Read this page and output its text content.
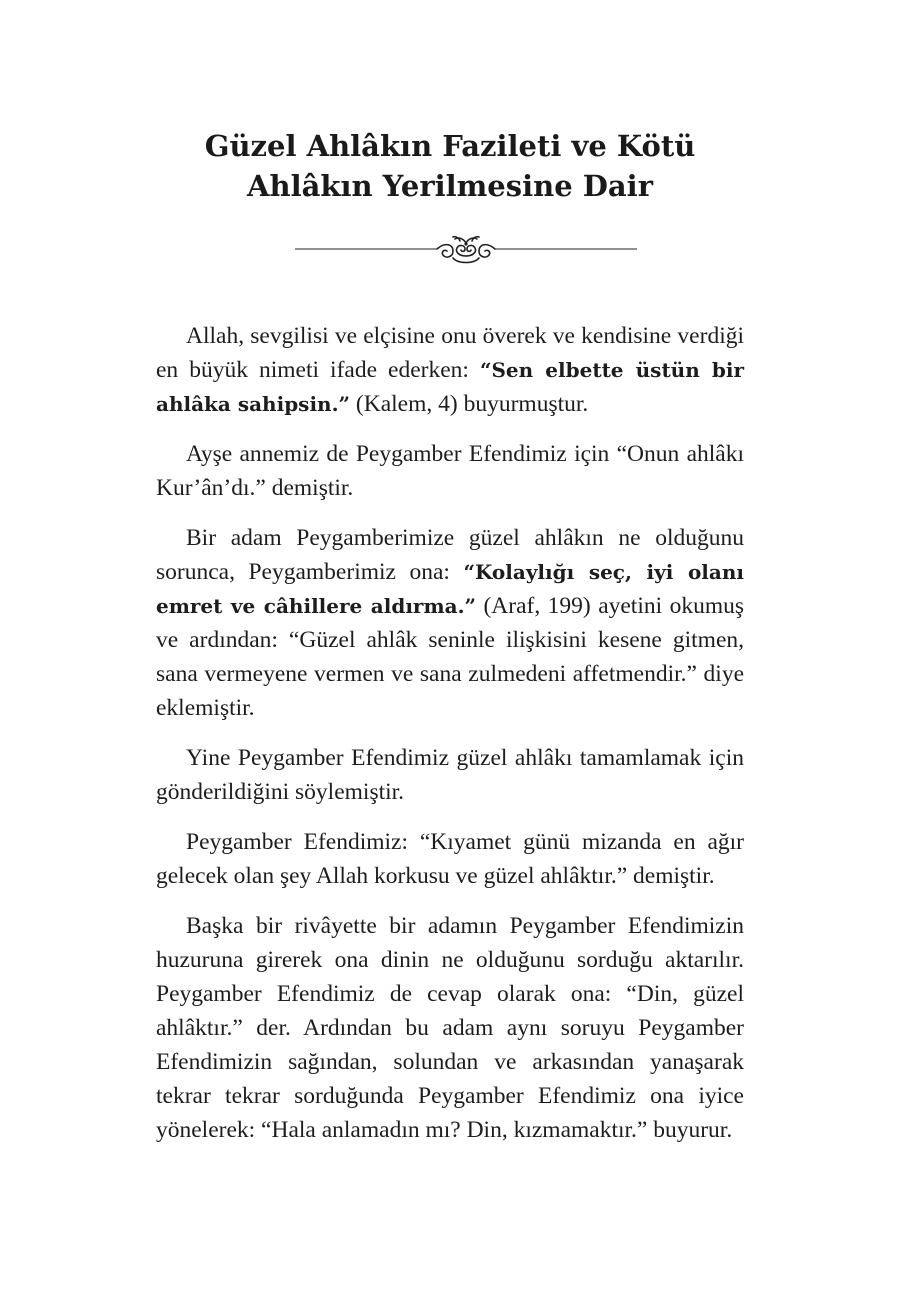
Güzel Ahlâkın Fazileti ve Kötü
Ahlâkın Yerilmesine Dair

Allah, sevgilisi ve elçisine onu överek ve kendisine verdiği en büyük nimeti ifade ederken: “Sen elbette üstün bir ahlâka sahipsin.” (Kalem, 4) buyurmuştur.

Ayşe annemiz de Peygamber Efendimiz için “Onun ahlâkı Kur’ân’dı.” demiştir.

Bir adam Peygamberimize güzel ahlâkın ne olduğunu sorunca, Peygamberimiz ona: “Kolaylığı seç, iyi olanı emret ve câhillere aldırma.” (Araf, 199) ayetini okumuş ve ardından: “Güzel ahlâk seninle ilişkisini kesene gitmen, sana vermeyene vermen ve sana zulmedeni affetmendir.” diye eklemiştir.

Yine Peygamber Efendimiz güzel ahlâkı tamamlamak için gönderildiğini söylemiştir.

Peygamber Efendimiz: “Kıyamet günü mizanda en ağır gelecek olan şey Allah korkusu ve güzel ahlâktır.” demiştir.

Başka bir rivâyette bir adamın Peygamber Efendimizin huzuruna girerek ona dinin ne olduğunu sorduğu aktarılır. Peygamber Efendimiz de cevap olarak ona: “Din, güzel ahlâktır.” der. Ardından bu adam aynı soruyu Peygamber Efendimizin sağından, solundan ve arkasından yanaşarak tekrar tekrar sorduğunda Peygamber Efendimiz ona iyice yönelerek: “Hala anlamadın mı? Din, kızmamaktır.” buyurur.
